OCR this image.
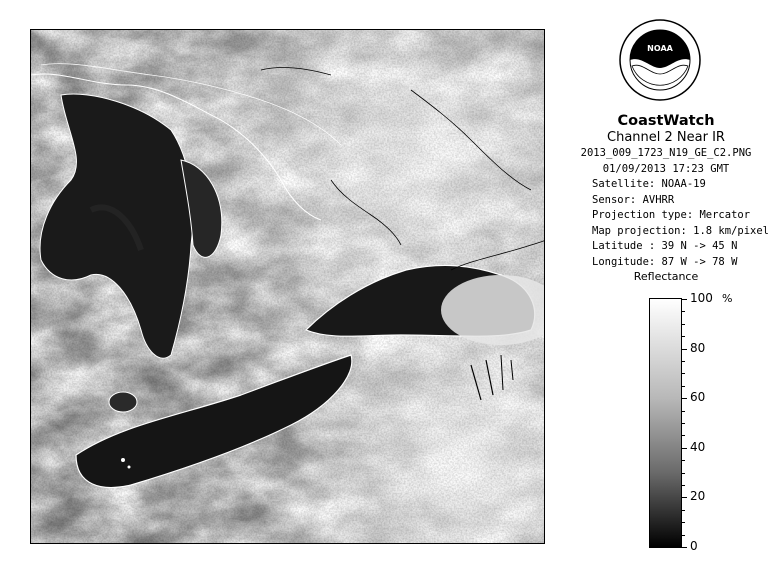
NOAA
CoastWatch
Channel 2 Near IR
2013_009_1723_N19_GE_C2.PNG
01/09/2013 17:23 GMT
Satellite: NOAA-19
Sensor: AVHRR
Projection type: Mercator
Map projection: 1.8 km/pixel
Latitude : 39 N -> 45 N
Longitude: 87 W -> 78 W
Reflectance
%
100
80
60
40
20
0
